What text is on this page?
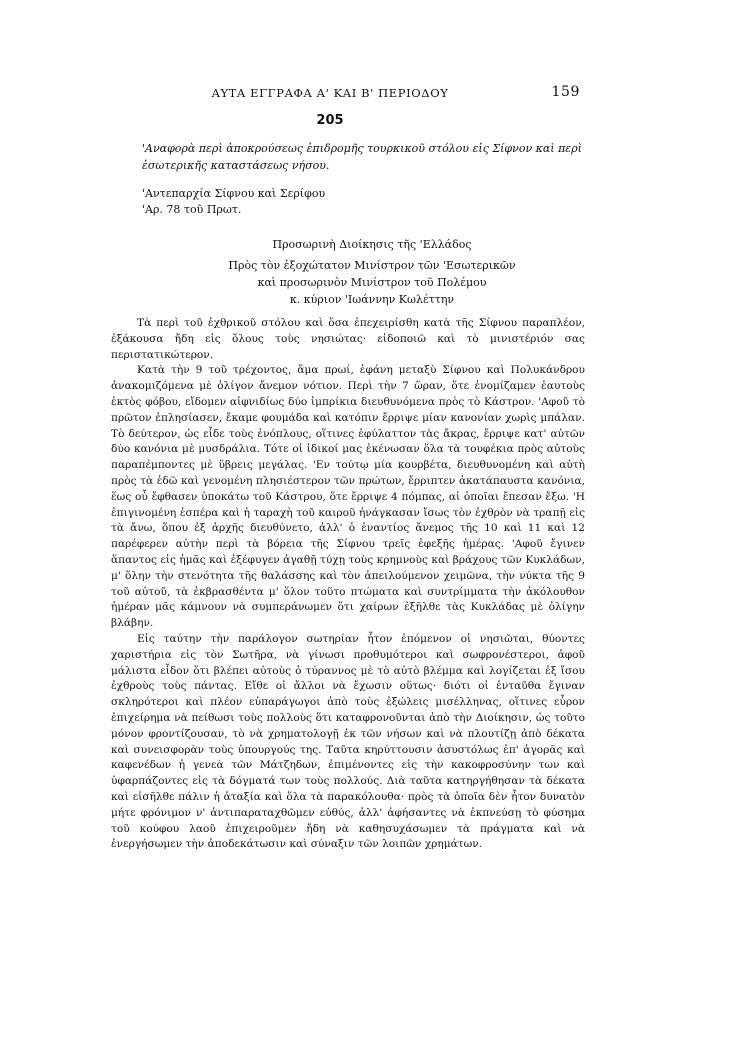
ΑΥΤΑ ΕΓΓΡΑΦΑ Α' ΚΑΙ Β' ΠΕΡΙΟΔΟΥ	159
205
'Αναφορὰ περὶ ἀποκρούσεως ἐπιδρομῆς τουρκικοῦ στόλου εἰς Σίφνον καὶ περὶ ἐσωτερικῆς καταστάσεως νήσου.
'Αντεπαρχία Σίφνου καὶ Σερίφου
'Αρ. 78 τοῦ Πρωτ.
Προσωρινὴ Διοίκησις τῆς 'Ελλάδος
Πρὸς τὸν ἐξοχώτατον Μινίστρον τῶν 'Εσωτερικῶν
καὶ προσωρινὸν Μινίστρον τοῦ Πολέμου
κ. κύριον 'Ιωάννην Κωλέττην

Τὰ περὶ τοῦ ἐχθρικοῦ στόλου καὶ ὅσα ἐπεχειρίσθη κατὰ τῆς Σίφνου παραπλέον, ἐξάκουσα ἤδη εἰς ὅλους τοὺς νησιώτας· εἰδοποιῶ καὶ τὸ μινιστέριόν σας περιστατικώτερον.

Κατὰ τὴν 9 τοῦ τρέχοντος, ἅμα πρωί, ἐφάνη μεταξὺ Σίφνου καὶ Πολυκάνδρου ἀνακομιζόμενα μὲ ὀλίγον ἄνεμον νότιον. Περὶ τὴν 7 ὥραν, ὅτε ἐνομίζαμεν ἑαυτοὺς ἐκτὸς φόβου, εἴδομεν αἰφνιδίως δύο ἰμπρίκια διευθυνόμενα πρὸς τὸ Κάστρον. 'Αφοῦ τὸ πρῶτον ἐπλησίασεν, ἔκαμε φουμάδα καὶ κατόπιν ἔρριψε μίαν κανονίαν χωρὶς μπάλαν. Τὸ δεύτερον, ὡς εἶδε τοὺς ἐνόπλους, οἵτινες ἐφύλαττον τὰς ἄκρας, ἔρριψε κατ' αὐτῶν δύο κανόνια μὲ μυσδράλια. Τότε οἱ ἰδικοί μας ἐκένωσαν ὅλα τὰ τουφέκια πρὸς αὐτοὺς παραπέμποντες μὲ ὕβρεις μεγάλας. 'Εν τούτῳ μία κουρβέτα, διευθυνομένη καὶ αὐτὴ πρὸς τὰ ἐδῶ καὶ γενομένη πλησιέστερον τῶν πρώτων, ἔρριπτεν ἀκατάπαυστα κανόνια, ἕως οὗ ἔφθασεν ὑποκάτω τοῦ Κάστρου, ὅτε ἔρριψε 4 πόμπας, αἱ ὁποῖαι ἔπεσαν ἔξω. 'Η ἐπιγινομένη ἑσπέρα καὶ ἡ ταραχὴ τοῦ καιροῦ ἠνάγκασαν ἴσως τὸν ἐχθρὸν νὰ τραπῇ εἰς τὰ ἄνω, ὅπου ἐξ ἀρχῆς διευθύνετο, ἀλλ' ὁ ἐναντίος ἄνεμος τῆς 10 καὶ 11 καὶ 12 παρέφερεν αὐτὴν περὶ τὰ βόρεια τῆς Σίφνου τρεῖς ἐφεξῆς ἡμέρας. 'Αφοῦ ἔγινεν ἅπαντος εἰς ἡμᾶς καὶ ἐξέφυγεν ἀγαθῇ τύχῃ τοὺς κρημνοὺς καὶ βράχους τῶν Κυκλάδων, μ' ὅλην τὴν στενότητα τῆς θαλάσσης καὶ τὸν ἀπειλούμενον χειμῶνα, τὴν νύκτα τῆς 9 τοῦ αὐτοῦ, τὰ ἐκβρασθέντα μ' ὅλον τοῦτο πτώματα καὶ συντρίμματα τὴν ἀκόλουθον ἡμέραν μᾶς κάμνουν νὰ συμπεράνωμεν ὅτι χαίρων ἐξῆλθε τὰς Κυκλάδας μὲ ὀλίγην βλάβην.

Εἰς ταύτην τὴν παράλογον σωτηρίαν ἦτον ἐπόμενον οἱ νησιῶται, θύοντες χαριστήρια εἰς τὸν Σωτῆρα, νὰ γίνωσι προθυμότεροι καὶ σωφρονέστεροι, ἀφοῦ μάλιστα εἶδον ὅτι βλέπει αὐτοὺς ὁ τύραννος μὲ τὸ αὐτὸ βλέμμα καὶ λογίζεται ἐξ ἴσου ἐχθροὺς τοὺς πάντας. Εἴθε οἱ ἄλλοι νὰ ἔχωσιν οὕτως· διότι οἱ ἐνταῦθα ἔγιναν σκληρότεροι καὶ πλέον εὐπαράγωγοι ἀπὸ τοὺς ἐξώλεις μισέλληνας, οἵτινες εὗρον ἐπιχείρημα νὰ πείθωσι τοὺς πολλοὺς ὅτι καταφρονοῦνται ἀπὸ τὴν Διοίκησιν, ὡς τοῦτο μόνον φροντίζουσαν, τὸ νὰ χρηματολογῇ ἐκ τῶν νήσων καὶ νὰ πλουτίζῃ ἀπὸ δέκατα καὶ συνεισφορὰν τοὺς ὑπουργούς της. Ταῦτα κηρύττουσιν ἀσυστόλως ἐπ' ἀγορᾶς καὶ καφενέδων ἡ γενεὰ τῶν Μάτζηδων, ἐπιμένοντες εἰς τὴν κακοφροσύνην των καὶ ὑφαρπάζοντες εἰς τὰ δόγματά των τοὺς πολλούς. Διὰ ταῦτα κατηργήθησαν τὰ δέκατα καὶ εἰσῆλθε πάλιν ἡ ἀταξία καὶ ὅλα τὰ παρακόλουθα· πρὸς τὰ ὁποῖα δὲν ἦτον δυνατὸν μήτε φρόνιμον ν' ἀντιπαραταχθῶμεν εὐθύς, ἀλλ' ἀφήσαντες νὰ ἐκπνεύσῃ τὸ φύσημα τοῦ κούφου λαοῦ ἐπιχειροῦμεν ἤδη νὰ καθησυχάσωμεν τὰ πράγματα καὶ νὰ ἐνεργήσωμεν τὴν ἀποδεκάτωσιν καὶ σύναξιν τῶν λοιπῶν χρημάτων.
